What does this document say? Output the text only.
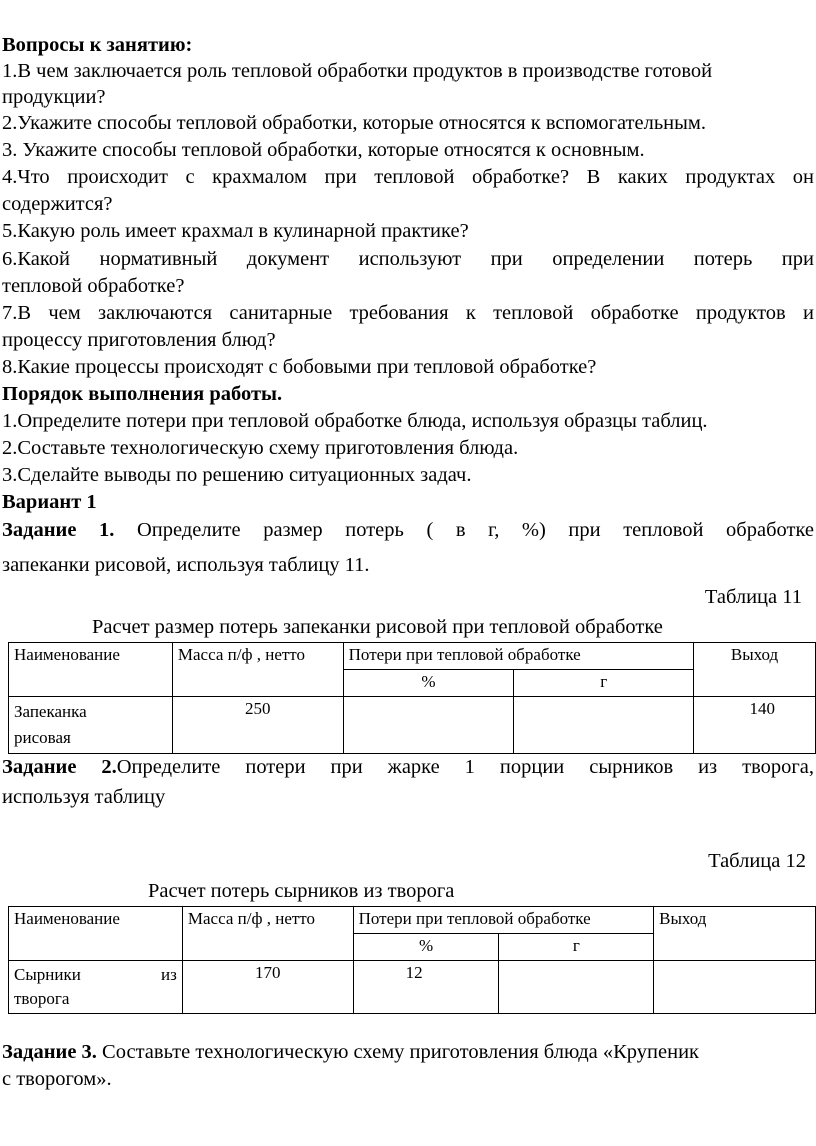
Вопросы к занятию:
1.В чем заключается роль тепловой обработки продуктов в производстве готовой
продукции?
2.Укажите способы тепловой обработки, которые относятся к вспомогательным.
3. Укажите способы тепловой обработки, которые относятся к основным.
4.Что происходит с крахмалом при тепловой обработке? В каких продуктах он
содержится?
5.Какую роль имеет крахмал в кулинарной практике?
6.Какой нормативный документ используют при определении потерь при
тепловой обработке?
7.В чем заключаются санитарные требования к тепловой обработке продуктов и
процессу приготовления блюд?
8.Какие процессы происходят с бобовыми при тепловой обработке?
Порядок выполнения работы.
1.Определите потери при тепловой обработке блюда, используя образцы таблиц.
2.Составьте технологическую схему приготовления блюда.
3.Сделайте выводы по решению ситуационных задач.
Вариант 1
Задание 1. Определите размер потерь ( в г, %) при тепловой обработке
запеканки рисовой, используя таблицу 11.
Таблица 11
Расчет размер потерь запеканки рисовой при тепловой обработке
Наименование	Масса п/ф , нетто	Потери при тепловой обработке		Выход
		%	г	
Запеканка
рисовая	250			140
Задание 2.Определите потери при жарке 1 порции сырников из творога,
используя таблицу
Таблица 12
Расчет потерь сырников из творога
Наименование	Масса п/ф , нетто	Потери при тепловой обработке		Выход
		%	г	

Сырники из
творога	170	12		
Задание 3. Составьте технологическую схему приготовления блюда «Крупеник
с творогом».
